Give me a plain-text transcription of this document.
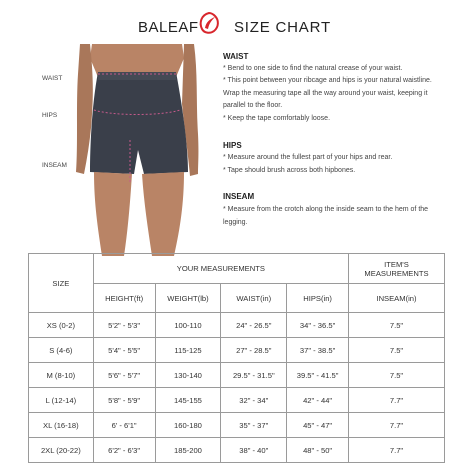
BALEAF SIZE CHART
WAIST
HIPS
INSEAM
WAIST
* Bend to one side to find the natural crease of your waist.
* This point between your ribcage and hips is your natural waistline. Wrap the measuring tape all the way around your waist, keeping it parallel to the floor.
* Keep the tape comfortably loose.
HIPS
* Measure around the fullest part of your hips and rear.
* Tape should brush across both hipbones.
INSEAM
* Measure from the crotch along the inside seam to the hem of the legging.
SIZE	YOUR MEASUREMENTS				ITEM'S MEASUREMENTS
	HEIGHT(ft)	WEIGHT(lb)	WAIST(in)	HIPS(in)	INSEAM(in)
XS (0-2)	5'2" - 5'3"	100-110	24" - 26.5"	34" - 36.5"	7.5"
S (4-6)	5'4" - 5'5"	115-125	27" - 28.5"	37" - 38.5"	7.5"
M (8-10)	5'6" - 5'7"	130-140	29.5" - 31.5"	39.5" - 41.5"	7.5"
L (12-14)	5'8" - 5'9"	145-155	32" - 34"	42" - 44"	7.7"
XL (16-18)	6' - 6'1"	160-180	35" - 37"	45" - 47"	7.7"
2XL (20-22)	6'2" - 6'3"	185-200	38" - 40"	48" - 50"	7.7"
